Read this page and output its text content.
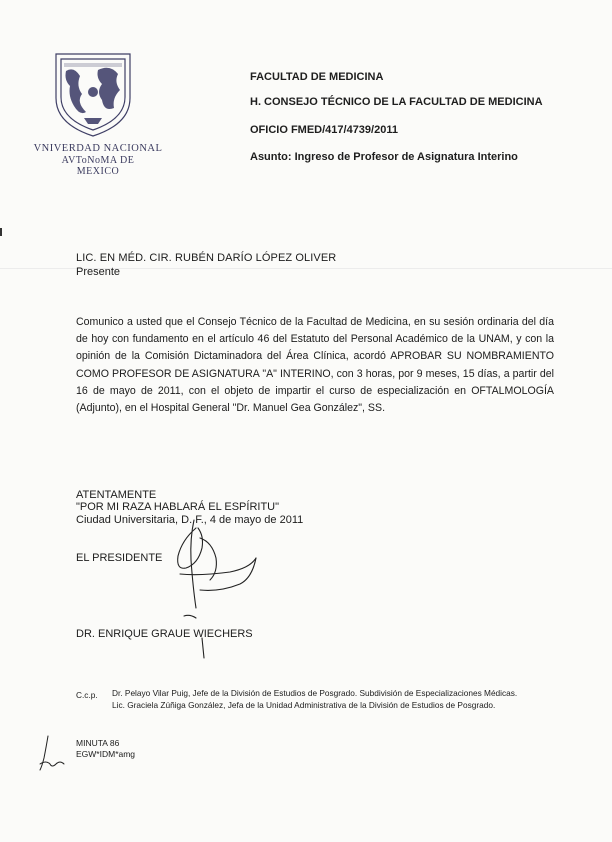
VNIVERDAD NACIONAL
AVToNoMA DE
MEXICO
FACULTAD DE MEDICINA
H. CONSEJO TÉCNICO DE LA FACULTAD DE MEDICINA
OFICIO FMED/417/4739/2011
Asunto: Ingreso de Profesor de Asignatura Interino
LIC. EN MÉD. CIR. RUBÉN DARÍO LÓPEZ OLIVER
Presente
Comunico a usted que el Consejo Técnico de la Facultad de Medicina, en su sesión ordinaria del día de hoy con fundamento en el artículo 46 del Estatuto del Personal Académico de la UNAM, y con la opinión de la Comisión Dictaminadora del Área Clínica, acordó APROBAR SU NOMBRAMIENTO COMO PROFESOR DE ASIGNATURA "A" INTERINO, con 3 horas, por 9 meses, 15 días, a partir del 16 de mayo de 2011, con el objeto de impartir el curso de especialización en OFTALMOLOGÍA (Adjunto), en el Hospital General "Dr. Manuel Gea González", SS.
ATENTAMENTE
"POR MI RAZA HABLARÁ EL ESPÍRITU"
Ciudad Universitaria, D. F., 4 de mayo de 2011
EL PRESIDENTE
DR. ENRIQUE GRAUE WIECHERS
C.c.p. Dr. Pelayo Vilar Puig, Jefe de la División de Estudios de Posgrado. Subdivisión de Especializaciones Médicas.
Lic. Graciela Zúñiga González, Jefa de la Unidad Administrativa de la División de Estudios de Posgrado.
MINUTA 86
EGW*IDM*amg
